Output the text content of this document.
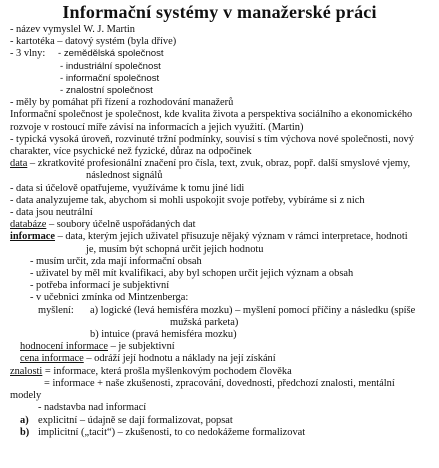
Informační systémy v manažerské práci
- název vymyslel W. J. Martin
- kartotéka – datový systém (byla dříve)
- 3 vlny: - zemědělská společnost
- industriální společnost
- informační společnost
- znalostní společnost
- měly by pomáhat při řízení a rozhodování manažerů
Informační společnost je společnost, kde kvalita života a perspektiva sociálního a ekonomického
rozvoje v rostoucí míře závisí na informacích a jejich využití. (Martin)
- typická vysoká úroveň, rozvinuté tržní podmínky, souvisí s tím výchova nové společnosti, nový
charakter, více psychické než fyzické, důraz na odpočinek
data – zkratkovité profesionální značení pro čísla, text, zvuk, obraz, popř. další smyslové vjemy,
následnost signálů
- data si účelově opatřujeme, využíváme k tomu jiné lidi
- data analyzujeme tak, abychom si mohli uspokojit svoje potřeby, vybíráme si z nich
- data jsou neutrální
databáze – soubory účelně uspořádaných dat
informace – data, kterým jejich uživatel přisuzuje nějaký význam v rámci interpretace, hodnoti
je, musím být schopná určit jejich hodnotu
- musím určit, zda mají informační obsah
- uživatel by měl mít kvalifikaci, aby byl schopen určit jejich význam a obsah
- potřeba informací je subjektivní
- v učebnici zmínka od Mintzenberga:
myšlení: a) logické (levá hemisféra mozku) – myšlení pomocí příčiny a následku (spíše
mužská parketa)
b) intuice (pravá hemisféra mozku)
hodnocení informace – je subjektivní
cena informace – odráží její hodnotu a náklady na její získání
znalosti = informace, která prošla myšlenkovým pochodem člověka
= informace + naše zkušenosti, zpracování, dovednosti, předchozí znalosti, mentální
modely
- nadstavba nad informací
a) explicitní – údajně se dají formalizovat, popsat
b) implicitní („tacit“) – zkušenosti, to co nedokážeme formalizovat
